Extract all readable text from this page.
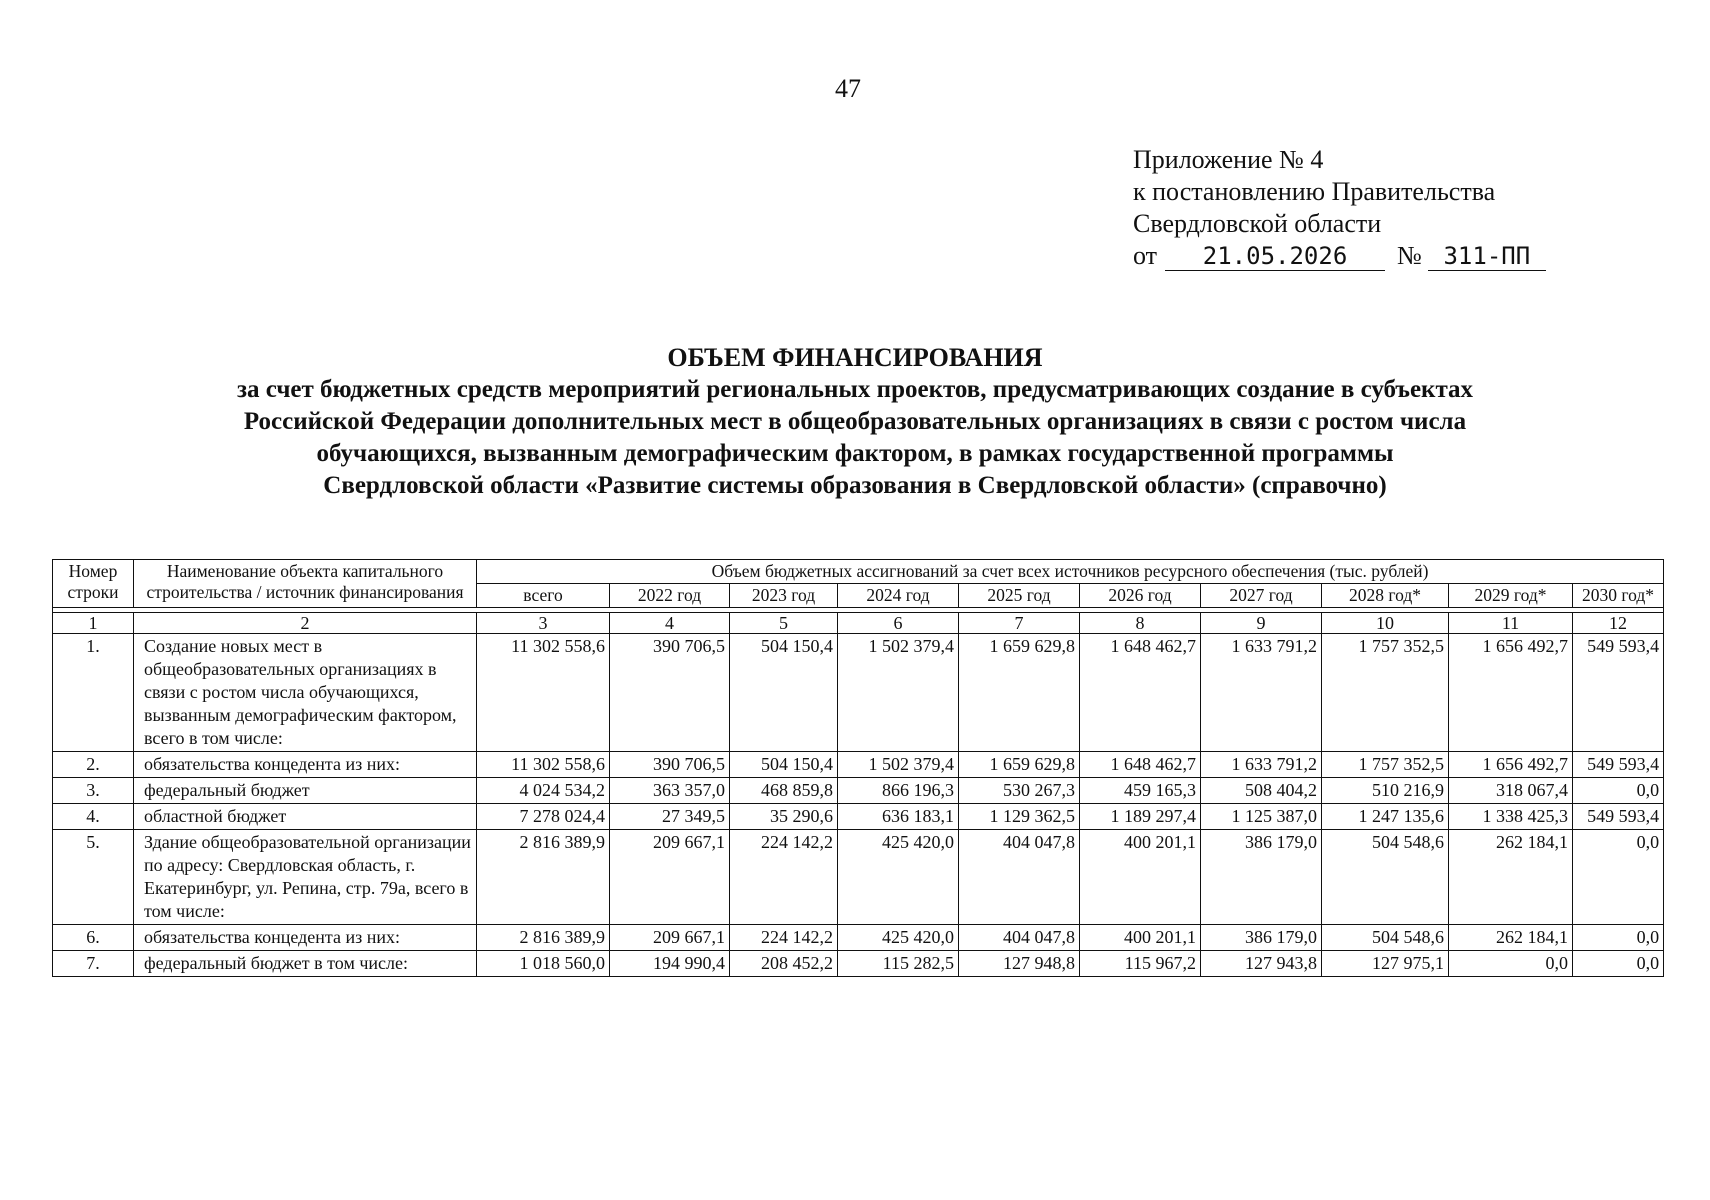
47
Приложение № 4
к постановлению Правительства
Свердловской области
от 21.05.2026 № 311-ПП
ОБЪЕМ ФИНАНСИРОВАНИЯ
за счет бюджетных средств мероприятий региональных проектов, предусматривающих создание в субъектах
Российской Федерации дополнительных мест в общеобразовательных организациях в связи с ростом числа
обучающихся, вызванным демографическим фактором, в рамках государственной программы
Свердловской области «Развитие системы образования в Свердловской области» (справочно)
Номер строки	Наименование объекта капитального строительства / источник финансирования	Объем бюджетных ассигнований за счет всех источников ресурсного обеспечения (тыс. рублей)									
		всего	2022 год	2023 год	2024 год	2025 год	2026 год	2027 год	2028 год*	2029 год*	2030 год*

1	2	3	4	5	6	7	8	9	10	11	12
1.	Создание новых мест в общеобразовательных организациях в связи с ростом числа обучающихся, вызванным демографическим фактором, всего в том числе:	11 302 558,6	390 706,5	504 150,4	1 502 379,4	1 659 629,8	1 648 462,7	1 633 791,2	1 757 352,5	1 656 492,7	549 593,4
2.	обязательства концедента из них:	11 302 558,6	390 706,5	504 150,4	1 502 379,4	1 659 629,8	1 648 462,7	1 633 791,2	1 757 352,5	1 656 492,7	549 593,4
3.	федеральный бюджет	4 024 534,2	363 357,0	468 859,8	866 196,3	530 267,3	459 165,3	508 404,2	510 216,9	318 067,4	0,0
4.	областной бюджет	7 278 024,4	27 349,5	35 290,6	636 183,1	1 129 362,5	1 189 297,4	1 125 387,0	1 247 135,6	1 338 425,3	549 593,4
5.	Здание общеобразовательной организации по адресу: Свердловская область, г. Екатеринбург, ул. Репина, стр. 79а, всего в том числе:	2 816 389,9	209 667,1	224 142,2	425 420,0	404 047,8	400 201,1	386 179,0	504 548,6	262 184,1	0,0
6.	обязательства концедента из них:	2 816 389,9	209 667,1	224 142,2	425 420,0	404 047,8	400 201,1	386 179,0	504 548,6	262 184,1	0,0
7.	федеральный бюджет в том числе:	1 018 560,0	194 990,4	208 452,2	115 282,5	127 948,8	115 967,2	127 943,8	127 975,1	0,0	0,0
